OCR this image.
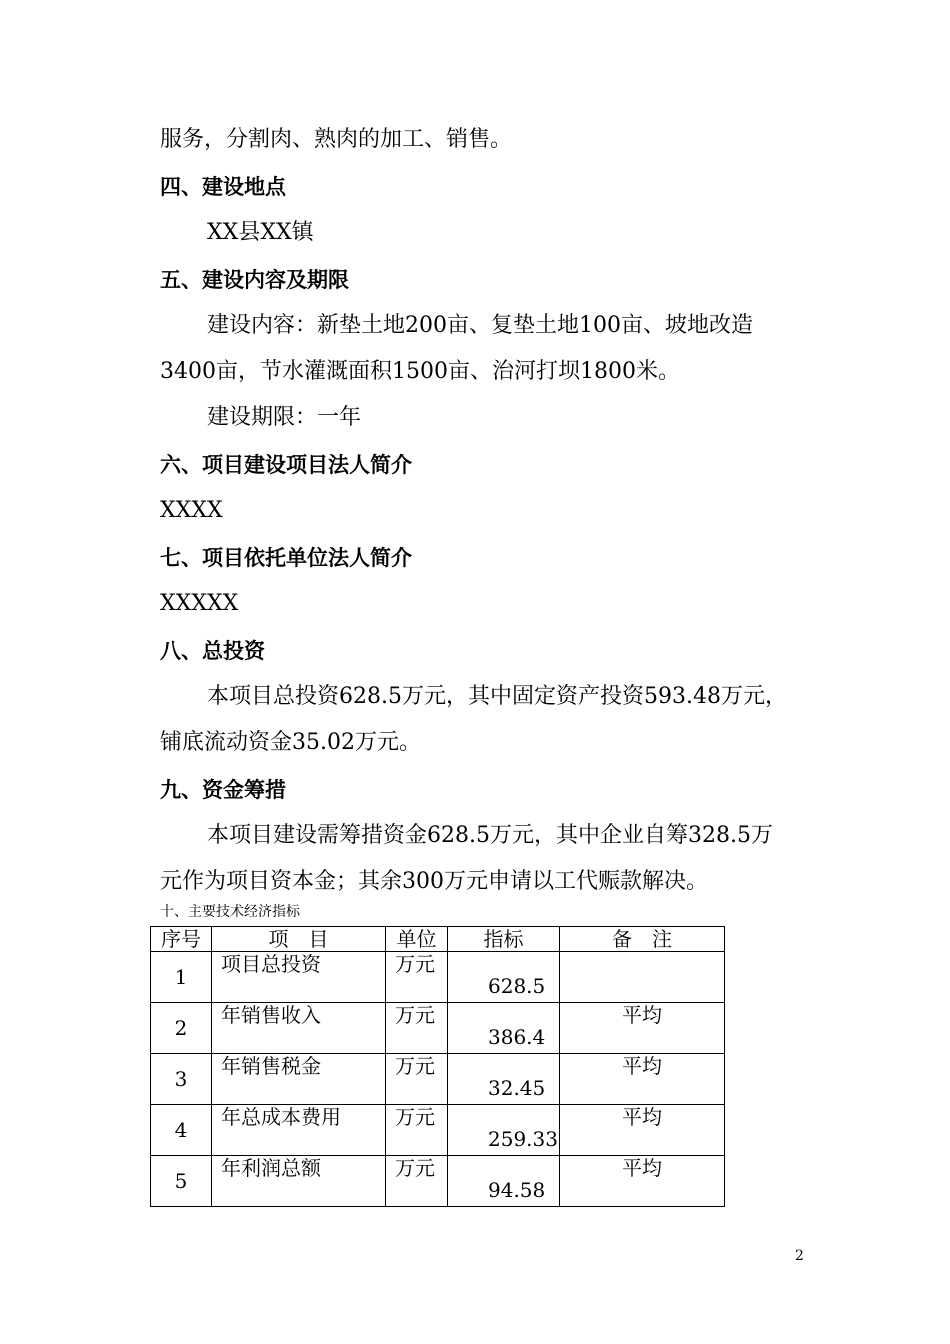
服务，分割肉、熟肉的加工、销售。
四、建设地点
XX县XX镇
五、建设内容及期限
建设内容：新垫土地200亩、复垫土地100亩、坡地改造
3400亩，节水灌溉面积1500亩、治河打坝1800米。
建设期限：一年
六、项目建设项目法人简介
XXXX
七、项目依托单位法人简介
XXXXX
八、总投资
本项目总投资628.5万元，其中固定资产投资593.48万元，
铺底流动资金35.02万元。
九、资金筹措
本项目建设需筹措资金628.5万元，其中企业自筹328.5万
元作为项目资本金；其余300万元申请以工代赈款解决。
十、主要技术经济指标
序号	项　目	单位	指标	备　注
1	项目总投资	万元	628.5	
2	年销售收入	万元	386.4	平均
3	年销售税金	万元	32.45	平均
4	年总成本费用	万元	259.33	平均
5	年利润总额	万元	94.58	平均
2
